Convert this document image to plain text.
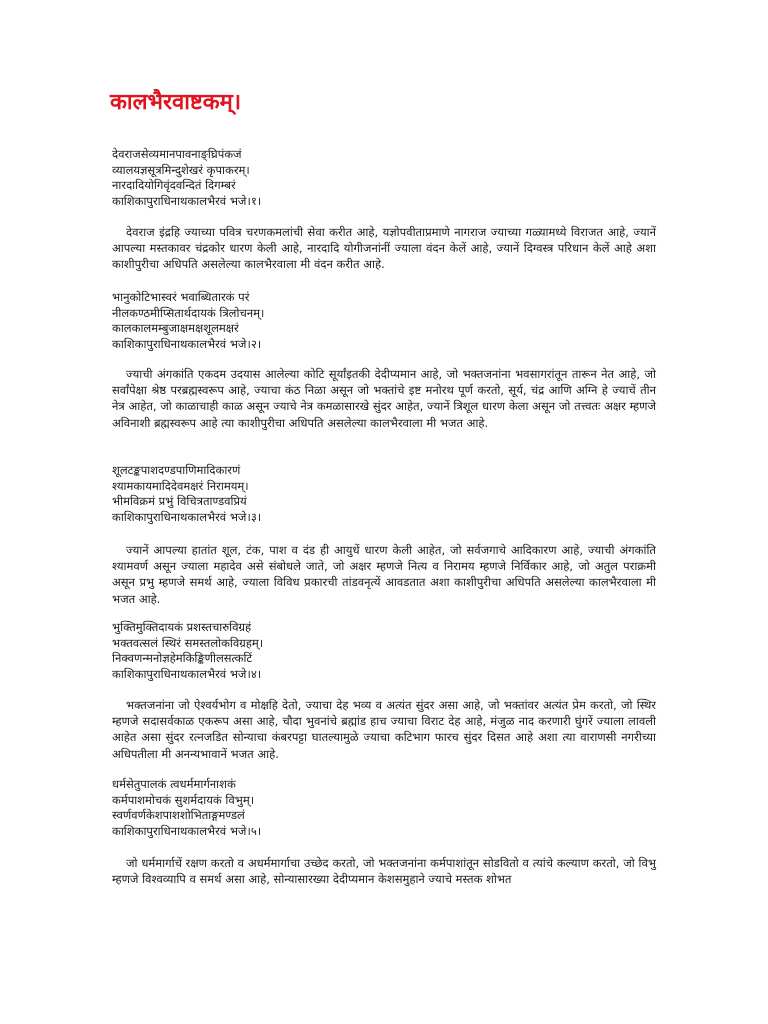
कालभैरवाष्टकम्।
देवराजसेव्यमानपावनाङ्घ्रिपंकजं
व्यालयज्ञसूत्रमिन्दुशेखरं कृपाकरम्।
नारदादियोगिवृंदवन्दितं दिगम्बरं
काशिकापुराधिनाथकालभैरवं भजे।१।
देवराज इंद्रहि ज्याच्या पवित्र चरणकमलांची सेवा करीत आहे, यज्ञोपवीताप्रमाणे नागराज ज्याच्या गळ्यामध्ये विराजत आहे, ज्यानें आपल्या मस्तकावर चंद्रकोर धारण केली आहे, नारदादि योगीजनांनीं ज्याला वंदन केलें आहे, ज्यानें दिग्वस्त्र परिधान केलें आहे अशा काशीपुरीचा अधिपति असलेल्या कालभैरवाला मी वंदन करीत आहे.
भानुकोटिभास्वरं भवाब्धितारकं परं
नीलकण्ठमीप्सितार्थदायकं त्रिलोचनम्।
कालकालमम्बुजाक्षमक्षशूलमक्षरं
काशिकापुराधिनाथकालभैरवं भजे।२।
ज्याची अंगकांति एकदम उदयास आलेल्या कोटि सूर्यांइतकी देदीप्यमान आहे, जो भक्तजनांना भवसागरांतून तारून नेत आहे, जो सर्वांपेक्षा श्रेष्ठ परब्रह्मस्वरूप आहे, ज्याचा कंठ निळा असून जो भक्तांचे इष्ट मनोरथ पूर्ण करतो, सूर्य, चंद्र आणि अग्नि हे ज्याचें तीन नेत्र आहेत, जो काळाचाही काळ असून ज्याचे नेत्र कमळासारखे सुंदर आहेत, ज्यानें त्रिशूल धारण केला असून जो तत्त्वतः अक्षर म्हणजे अविनाशी ब्रह्मस्वरूप आहे त्या काशीपुरीचा अधिपति असलेल्या कालभैरवाला मी भजत आहे.
शूलटङ्कपाशदण्डपाणिमादिकारणं
श्यामकायमादिदेवमक्षरं निरामयम्।
भीमविक्रमं प्रभुं विचित्रताण्डवप्रियं
काशिकापुराधिनाथकालभैरवं भजे।३।
ज्यानें आपल्या हातांत शूल, टंक, पाश व दंड ही आयुधें धारण केली आहेत, जो सर्वजगाचे आदिकारण आहे, ज्याची अंगकांति श्यामवर्ण असून ज्याला महादेव असे संबोधले जाते, जो अक्षर म्हणजे नित्य व निरामय म्हणजे निर्विकार आहे, जो अतुल पराक्रमी असून प्रभु म्हणजे समर्थ आहे, ज्याला विविध प्रकारची तांडवनृत्यें आवडतात अशा काशीपुरीचा अधिपति असलेल्या कालभैरवाला मी भजत आहे.
भुक्तिमुक्तिदायकं प्रशस्तचारुविग्रहं
भक्तवत्सलं स्थिरं समस्तलोकविग्रहम्।
निक्वणन्मनोज्ञहेमकिङ्किणीलसत्कटिं
काशिकापुराधिनाथकालभैरवं भजे।४।
भक्तजनांना जो ऐश्वर्यभोग व मोक्षहि देतो, ज्याचा देह भव्य व अत्यंत सुंदर असा आहे, जो भक्तांवर अत्यंत प्रेम करतो, जो स्थिर म्हणजे सदासर्वकाळ एकरूप असा आहे, चौदा भुवनांचे ब्रह्मांड हाच ज्याचा विराट देह आहे, मंजुळ नाद करणारी घुंगरें ज्याला लावली आहेत असा सुंदर रत्नजडित सोन्याचा कंबरपट्टा घातल्यामुळे ज्याचा कटिभाग फारच सुंदर दिसत आहे अशा त्या वाराणसी नगरीच्या अधिपतीला मी अनन्यभावानें भजत आहे.
धर्मसेतुपालकं त्वधर्ममार्गनाशकं
कर्मपाशमोचकं सुशर्मदायकं विभुम्।
स्वर्णवर्णकेशपाशशोभिताङ्गमण्डलं
काशिकापुराधिनाथकालभैरवं भजे।५।
जो धर्ममार्गाचें रक्षण करतो व अधर्ममार्गाचा उच्छेद करतो, जो भक्तजनांना कर्मपाशांतून सोडवितो व त्यांचे कल्याण करतो, जो विभु म्हणजे विश्वव्यापि व समर्थ असा आहे, सोन्यासारख्या देदीप्यमान केशसमुहाने ज्याचे मस्तक शोभत
